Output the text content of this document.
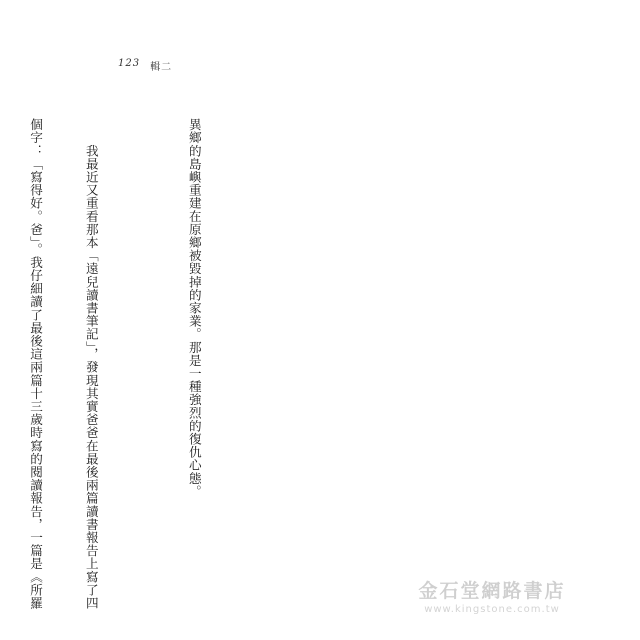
123 輯二

異鄉的島嶼重建在原鄉被毀掉的家業。那是一種強烈的復仇心態。

　　我最近又重看那本「遠兒讀書筆記」，發現其實爸爸在最後兩篇讀書報告上寫了四

個字：「寫得好。爸」。我仔細讀了最後這兩篇十三歲時寫的閱讀報告，一篇是《所羅

	金石堂網路書店
www.kingstone.com.tw
